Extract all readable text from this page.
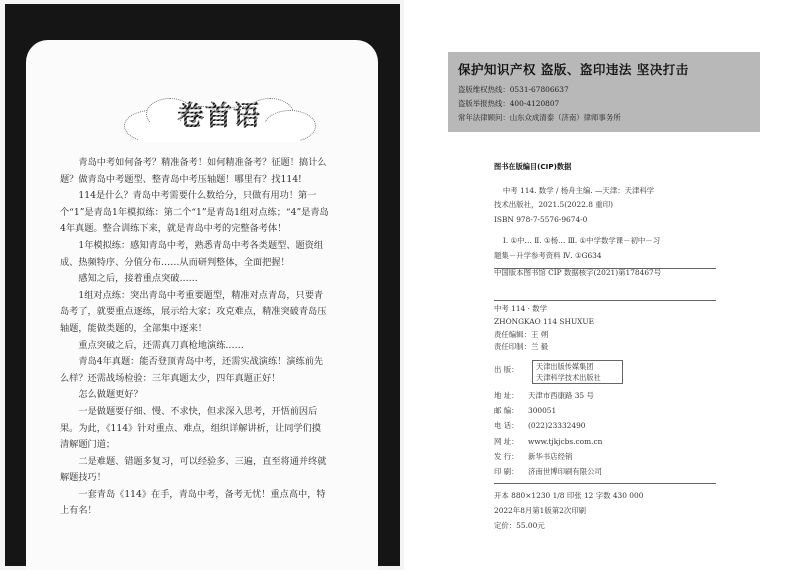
卷首语

青岛中考如何备考？精准备考！如何精准备考？征题！搞计么题？做青岛中考题型、整青岛中考压轴题！哪里有？找114!

114是什么？青岛中考需要什么数给分，只做有用功！第一个“1”是青岛1年模拟练：第二个“1”是青岛1组对点练；“4”是青岛4年真题。整合训练下来，就是青岛中考的完整备考体！

1年模拟练：感知青岛中考，熟悉青岛中考各类题型、题资组成、热频特序、分值分布……从而研判整体，全面把握！

感知之后，接着重点突破……

1组对点练：突出青岛中考重要题型，精准对点青岛，只要青岛考了，就要重点逐练，展示给大家；攻克难点，精准突破青岛压轴题，能做类题的，全部集中逐来！

重点突破之后，还需真刀真枪地演练……

青岛4年真题：能否登顶青岛中考，还需实战演练！演练前先么样？还需战场检验：三年真题太少，四年真题正好！

怎么做题更好？

一是做题要仔细、慢、不求快，但求深入思考，开悟前因后果。为此，《114》针对重点、难点，组织详解讲析，让同学们摸清解题门道；

二是难题、错题多复习，可以经验多、三遍，直至将通并终就解题技巧！

一套青岛《114》在手，青岛中考，备考无忧！重点高中，特上有名！

保护知识产权 盗版、盗印违法 坚决打击
盗版维权热线：0531-67806637
盗版举报热线：400-4120807
常年法律顾问：山东众成清泰（济南）律师事务所

图书在版编目(CIP)数据

中考 114. 数学 / 杨舟主编. —天津：天津科学

技术出版社，2021.5(2022.8 重印)

ISBN 978-7-5576-9674-0

Ⅰ. ①中… Ⅱ. ①杨… Ⅲ. ①中学数学课－初中－习

题集－升学参考资料 Ⅳ. ①G634

中国版本图书馆 CIP 数据核字(2021)第178467号

中考 114 · 数学

ZHONGKAO 114 SHUXUE

责任编辑：王 朔

责任印制：兰 毅

出 版： 天津出版传媒集团
天津科学技术出版社

地 址： 天津市西康路 35 号

邮 编： 300051

电 话： (022)23332490

网 址： www.tjkjcbs.com.cn

发 行： 新华书店经销

印 刷： 济南世博印刷有限公司

开本 880×1230 1/8 印张 12 字数 430 000

2022年8月第1版第2次印刷

定价：55.00元
